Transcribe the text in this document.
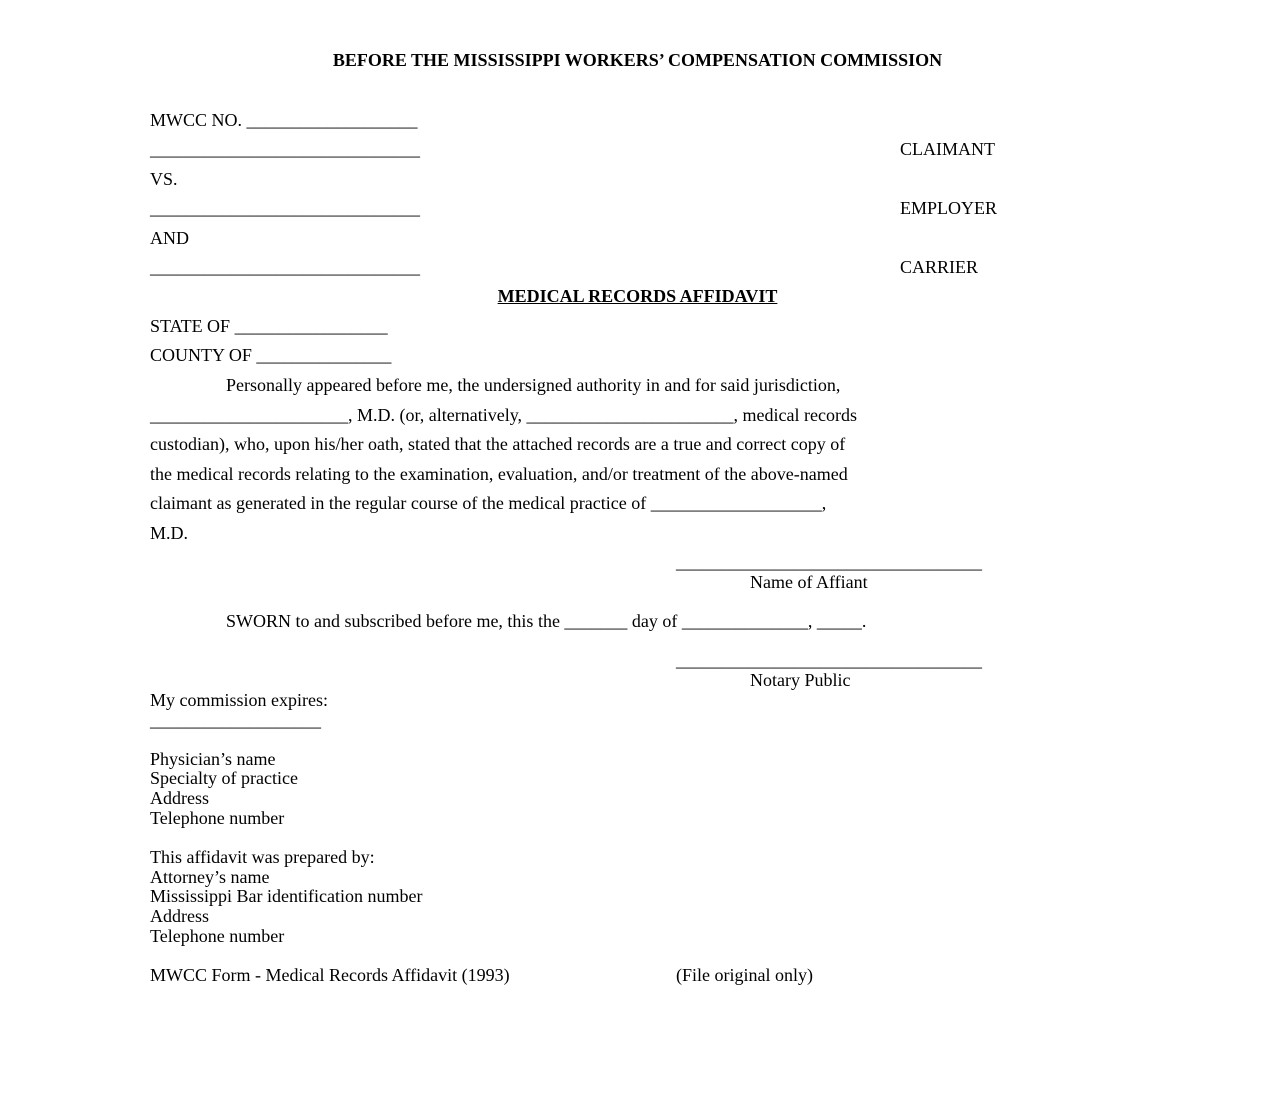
BEFORE THE MISSISSIPPI WORKERS’ COMPENSATION COMMISSION
MWCC NO. ___________________
______________________________	CLAIMANT
VS.
______________________________	EMPLOYER
AND
______________________________	CARRIER
MEDICAL RECORDS AFFIDAVIT
STATE OF _________________
COUNTY OF _______________
Personally appeared before me, the undersigned authority in and for said jurisdiction,
______________________, M.D. (or, alternatively, _______________________, medical records
custodian), who, upon his/her oath, stated that the attached records are a true and correct copy of
the medical records relating to the examination, evaluation, and/or treatment of the above-named
claimant as generated in the regular course of the medical practice of ___________________,
M.D.
__________________________________
Name of Affiant
SWORN to and subscribed before me, this the _______ day of ______________, _____.
__________________________________
Notary Public
My commission expires:
___________________
Physician’s name
Specialty of practice
Address
Telephone number
This affidavit was prepared by:
Attorney’s name
Mississippi Bar identification number
Address
Telephone number
MWCC Form - Medical Records Affidavit (1993)	(File original only)
